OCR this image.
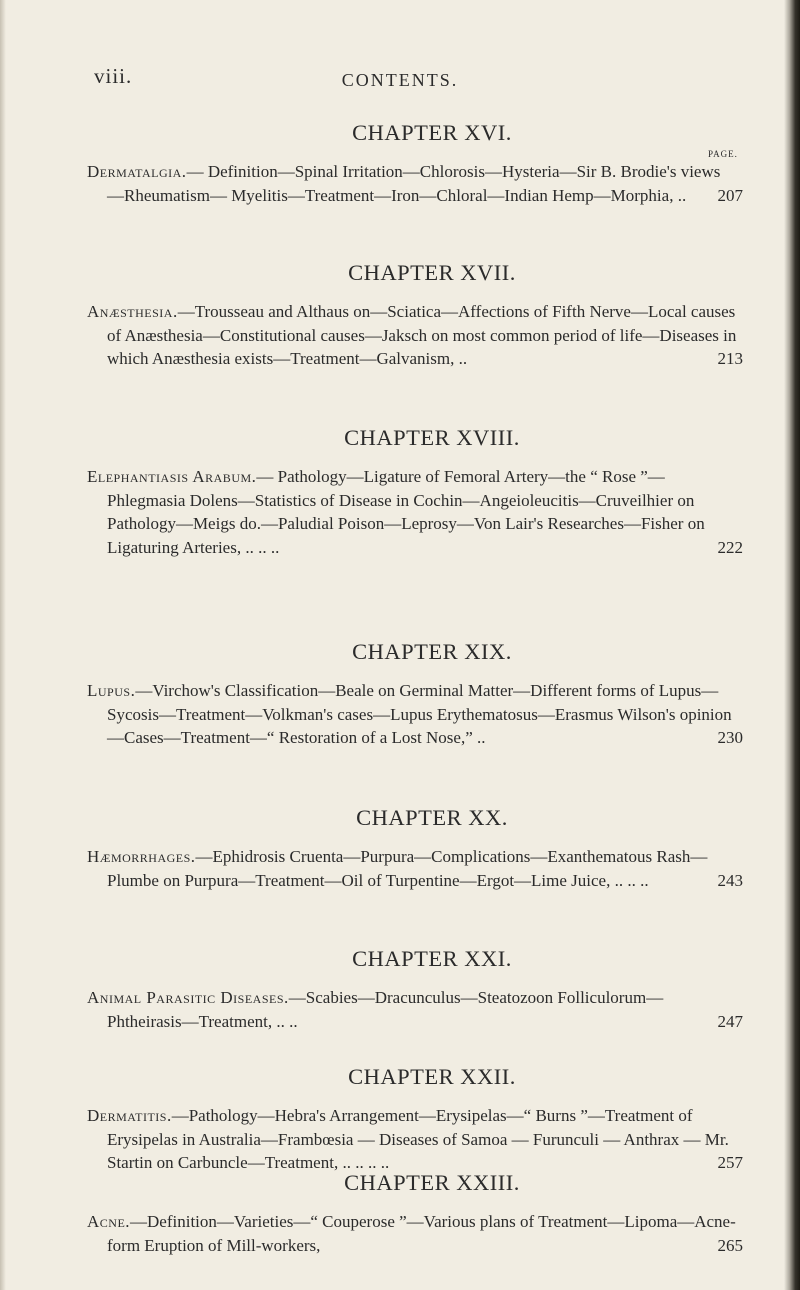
viii.	CONTENTS.
PAGE.
CHAPTER XVI.
Dermatalgia.— Definition—Spinal Irritation—Chlorosis—Hysteria—Sir B. Brodie's views—Rheumatism— Myelitis—Treatment—Iron—Chloral—Indian Hemp—Morphia, .. 207
CHAPTER XVII.
Anæsthesia.—Trousseau and Althaus on—Sciatica—Affections of Fifth Nerve—Local causes of Anæsthesia—Constitutional causes—Jaksch on most common period of life—Diseases in which Anæsthesia exists—Treatment—Galvanism, ..	213
CHAPTER XVIII.
Elephantiasis Arabum.— Pathology—Ligature of Femoral Artery—the “ Rose ”—Phlegmasia Dolens—Statistics of Disease in Cochin—Angeioleucitis—Cruveilhier on Pathology—Meigs do.—Paludial Poison—Leprosy—Von Lair's Researches—Fisher on Ligaturing Arteries, .. .. ..	222
CHAPTER XIX.
Lupus.—Virchow's Classification—Beale on Germinal Matter—Different forms of Lupus—Sycosis—Treatment—Volkman's cases—Lupus Erythematosus—Erasmus Wilson's opinion—Cases—Treatment—“ Restoration of a Lost Nose,” ..	230
CHAPTER XX.
Hæmorrhages.—Ephidrosis Cruenta—Purpura—Complications—Exanthematous Rash—Plumbe on Purpura—Treatment—Oil of Turpentine—Ergot—Lime Juice, .. .. ..	243
CHAPTER XXI.
Animal Parasitic Diseases.—Scabies—Dracunculus—Steatozoon Folliculorum—Phtheirasis—Treatment, .. ..	247
CHAPTER XXII.
Dermatitis.—Pathology—Hebra's Arrangement—Erysipelas—“ Burns ”—Treatment of Erysipelas in Australia—Frambœsia — Diseases of Samoa — Furunculi — Anthrax — Mr. Startin on Carbuncle—Treatment, .. .. .. ..	257
CHAPTER XXIII.
Acne.—Definition—Varieties—“ Couperose ”—Various plans of Treatment—Lipoma—Acne-form Eruption of Mill-workers,	265
